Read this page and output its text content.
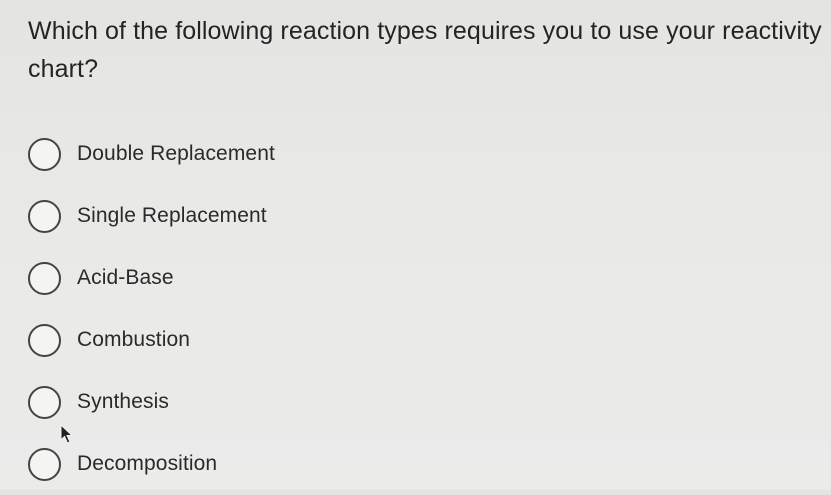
Which of the following reaction types requires you to use your reactivity chart?
Double Replacement
Single Replacement
Acid-Base
Combustion
Synthesis
Decomposition
